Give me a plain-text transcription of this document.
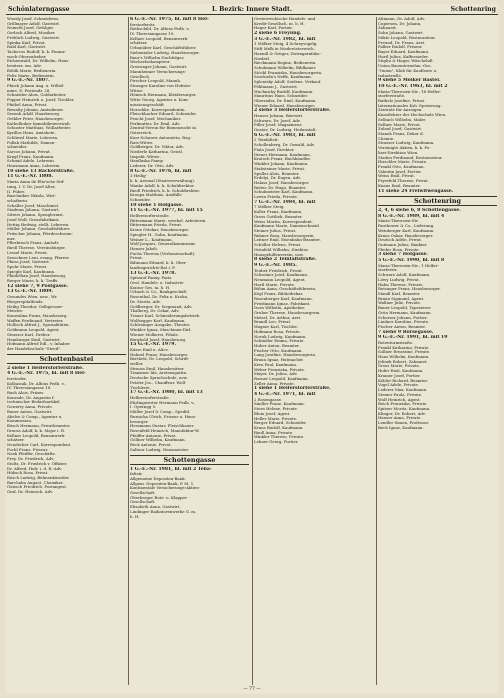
Schönlaterngasse	I. Bezirk: Innere Stadt.	Schottenring
Woesly Josef, Schneiderm.
Grillmayer Adolf, Gastwirt.
Nemeth Josef, Gefolger.
Gerlach Alfred, Musiker.
Fröhlich Ludwig, Gastwirt.
Spinka Karl, Privat.
Rabl Karl, Gastwirt.
Tachecos Rudolf, k. k. Finanz-
wach-Oberaufseher.
Eichenwald, Dr. Wilhelm, Haus-
besitzer, em. Adv.
Böhlk Marie, Bedienerin.
Feltz Marie, Bedienerin.
9 G.-E.-Nr. 1807.
Pfaich Johann Ang. u. Wilhel-
mine, D. Pratendr. 28.
Schneider Alois, Goldarbeiter.
Popper Heinrich u. Josef, Tischler.
Pfaibel Anna, Privat.
Bewalty Johann, Amtsdiener.
Sesenh Adolf, Hausbesorg.
Orthler Peter, Hausbesorger.
Kathelhuber Immobilienverwalt.
Schuster Matthias, Wollarbeiter.
Kyrillos Hans, Amtsbote.
Schliessl Marie, Lehrerin.
Pollak Mathilde, Damen-
schneider.
Sarcos Johann, Privat.
Kragl Franz, Kaufmann.
Schmid Adele, Lehrerin.
Hausmann Anna, Lehrerin.
10 siehe 13 Bäckerstraße.
11 G.-E.-Nr. 1808.
Maria Anna de Eltz'sche Stif-
tung, I. V. Dr. Josef Alter,
II. Führe.
Baschnikov Nikola, Wirt-
schafterin.
Schaller Josef, Maschinist.
Stadems Johann, Gastwirt.
Sitters Johann, Spenglermst.
Josef Wolf, Grossfabrikant.
Hettig Hedwig, stellt. Lehrerin.
Müller Johann, Geschäftsführer.
Pritscher Johann, Pferdeschwem-
mer.
Pflezbrisch Franz, Amtsdr.
Riedl Therese, Vereinsbürger.
Lessel Marie, Privat.
Seuschner Leni, evang. Pfarrer.
Pfaiss Josef, Gastwirt.
Spohr Marie, Privat.
Spiegle Karl, Kaufmann.
Pfaidelhan Josef, Hausbesorg.
Berger Marie, k. k. Treffs.
12 siehe 7, 9 Postgasse.
13 G.-E.-Nr. 1809.
Gesundes Wien, usw., Wr.
Bürgerspitalfonds.
Heilig Theodor, Gelbgiesser-
Meister.
Konwalina Franz, Hausbesorg.
Waffen Ferdinand, Vertreter.
Hollisch Alfred J., Spezialitäten.
Goldmann Leopold, Agent.
Strasser Karl, Dreher.
Hamburger Emil, Gastwirt.
Hofmann Alfred Edl., v. Inhaber
der Handelsschule "Steed".
Schottenbastei
2 siehe 1 Helferstorferstraße.
4 G.-E.-Nr. 1975, hl. mit 8 Hel-
ferstorfer.
Kolbasnik, Dr. Alfons Fedh. v.,
IV. Theresiangasse 18.
Bush Alois, Präses.
Konrade, Dr. Augustin f.
technischer Bedarfsartikel.
Gowerty Anna, Private.
Bauer Anton, Gastwirt.
Abelse & Comp., Agentur u.
Kommission.
Bösch Hermann, Privatbeamter.
Drauss Adolf, k. k. Major i. R.
Kellner Leopold, Benzinwerk-
schätzer.
Neudecker Carl, Korrespondent.
Pochl Franz, Friseur.
Nash Pfeiffer, Geschäfte.
Frey, Dr. Friedrich, Adv.
Stoltz, Dr. Friedrich v. Offizier.
Dr. Alfred, Hofr. i. d. R.-Adv.
Hübsch Rosa, Privat.
Rösch Ludwig, Bühnenkünstler.
Barchalm August, Chemiker.
Görisch Friedrich, Postangest.
Graf, Dr. Heinrich, Adv.
6 G.-E.-Nr. 1975, hl. mit 8 Hel-
ferstorferstr.
Rothschild, Dr. Alfons Fedh. v.,
IV. Theresiangasse 19.
Kellner Leopold, Benzinwerk-
schätzer.
Urbanüber Karl, Geschäftsführer.
Siebentaler Ludwig, Hausbesorger.
Baur's Wilhelm Nachfolger,
Wechselsekompteur.
Grossinger Johann, Gastwirt.
Mannheimer Versicherungs-
Gesellsch.
Pirscher Leopold, Mannh.
Stranger Karoline von Hofrats-
Witwe.
Hönisch Hermann, Kleidersorger.
Witte Georg, Agentur u. Kom-
missionsgeschäft.
Horschke, Korrespondentin.
Fleischhacker Eduard, Schneider.
Feucht Josef, Mechaniker.
Perlmutter, Dr. Emil, Adv.
Zentral-Verein für Bienenzucht in
Österreich.
Kurz-Schawer Antonietta, Reg.-
Rats-Witwe.
Goldberger, Dr. Viktor, Adv.
Niederle Katharina, Geistl.
Inspekt.-Witwe.
Hauflaska Fanny.
Lederer, Dr. Otto, Adv.
8 G.-E.-Nr. 1976, hl. mit
3 Heilig-
k. k. Arsenal (Staatsverwaltung).
Wanke Adolf, k. k. Schuldirektor.
Riedl Friedrich, k. k. Schuldirektor.
Kroupa Matthias, Ausfülls-
Schneider.
10 siehe 1 Hofgasse.
11 G.-E.-Nr. 1977, hl. mit 15
Helferstorferstraße.
Rittermann Marie, verehel. Arbeiterin.
Rittermann Frieda, Privat.
Krone Ottokar, Hausbesorger.
Spiegler H., Sohn, Kaufmann.
Weiner L., Kaufmann.
Wolf Jacques, Generalkommissär.
Hauser Jakob.
Fuchs Theresa (Verlassenschaft),
Privat.
Biltmann Eduard, k. k. Ober-
landesgerichts-Rat i. P.
13 G.-E.-Nr. 1978.
Spitzauf Fanny, Paris.
Oesl. Handels- u. Industrie-
Kontor Ges. m. b. H.
Urbach & Co., Bankgeschäft.
Rosenthal, Dr. Felix u. Krohn,
Dr. Moritz, Adv.
Goldberger, Dr. Siegmund, Adv.
Thalberg, Dr. Oskar, Adv.
Trauer Karl, Schneiderungsbetrieb.
Wolfsegger Karl, Kaufmann.
Schlesinger Ausgabe, Theater.
Winkler Ignaz, Maschinen-Dirl.
Wiener Molkerei, Filiale.
Berghold Josef, Hausbesorg.
15 G.-E.-Nr. 1979.
Kässe Emil u. Alice.
Hahnel Franz, Hausbesorger.
Berthelz, Dr. Leopold, Schrift-
steller.
Strauss Emil, Hausbesitzer.
Transmer Ida, Arztensgattin.
Deutsche Sprachschule, usw.
Petzler Jos., Chauffeur. Woll-
Tischlerei.
17 G.-E.-Nr. 1980, hl. mit 13
Helferstorferstraße.
Ehrlingwerter Hermann Fedh. v.,
I. Operngg 5.
Müller Josef & Comp., Speditl.
Reznicka Ulrich, Friseur u. Haus-
besorger.
Hessmann Gustav, Fleischhauer.
Rosenfeld Heinrich, Manufaktur-W.
Pfeiffer Antonie, Privat.
Göllner Wilhelm, Kaufmann.
Beck Antonie, Privat.
Sultner Ludwig, Hausmeister.
Schottengasse
1 G.-E.-Nr. 1981, hl. mit 2 Teba-
faltstr.
Allgemeine Depositen-Bank.
Allgem. Depositen-Bank, P. M. 1.
Kontinentale Versicherungs-Aktien-
Gesellschaft.
Oberberger Rote- u. Klapper-
Gesellschaft.
Elisabeth Anna, Gastwirt.
Lindinger Radiatorenwerke G. m.
b. H.
Oesterreichische Handels- und
Kredit-Gesellsch. m. b. H.
Hager Karl, Portier.
2 siehe 6 Freyung.
3 G.-E.-Nr. 1982, hl. mit
1 Mölker Steig, 4 Schreyvogelg.
Stift Melk in Niederösterreich.
Haendl & Grüger, Zwirngarnfabr.-
Niederl.
Rieckmann Regine, Bedienerin.
Schulmann Wilhelm, Bildhauer.
Stöckl Franziska, Hausbesorgerin.
Seodsoda's Neffe, Kaufmann.
Splenisky Adolf, Seidenz. Verkauf.
Pöhlmann J., Gastwirt.
Wuchnicky Rudolf, Kaufmann.
Mauritius Hans, Schneider.
Oberrader, Dr. Emil, Kaufmann.
Wiener Eduard, Hausbesorger.
2 siehe 3 Helferstorferstraße.
Hauser Johann, Bierwirt.
Schwarz, Dr. Josef, Adv.
Piller Josef, Magazineur.
Gustav, Dr. Ludwig, Heilanstalt.
6 G.-E.-Nr. 1983, hl. mit
2 Teinfaltstr.
Schollenberg, Dr. Oswald, Adv.
Fiala Josef, Direktor.
Diener Hermann, Kaufmann.
Kratoch Franz, Buchhändler.
Winkler Johann, Kaufmann.
Stabsteiner Marie, Privat.
Spuller Alois, Beamter.
Erdelyi, Dr. Eugen, Adv.
Halasz Josef, Hausbesorger.
Reiter, Dr. Hugo, Beamter.
Schulmeister Karl, Kaufmann.
Lewin Frieda, Private.
7 G.-E.-Nr. 1984, hl. mit
7 Mölker Steig.
Koller Franz, Kaufmann.
Gross Gottlieb, Beamter.
Weiss Martin, Korrespondent.
Kaufmann Marie, Damenschneid.
Steiner Julius, Privat.
Rubner Rosa, Hausbesorgerin.
Leitner Emil, Eisenbahn-Beamter.
Schüller Helene, Privat.
Grünfeld Wilhelm, Direktor.
Hausgehilfenverein, usw.
8 siehe 2 Teinfaltstraße.
9 G.-E.-Nr. 1985.
Teuber Friedrich, Privat.
Schreiner Josef, Kaufmann.
Neumann Leopold, Agent.
Hartl Marie, Private.
Böhm Anna, Geschäftsführerin.
Kögl Franz, Bibliothekar.
Rosenberger Karl, Kaufmann.
Friedmann Ignaz, Fabrikant.
Dorn Wilhelm, Apotheker.
Gruber Therese, Hausbesorgerin.
Meisel, Dr. Arthur, Arzt.
Brandl Leo, Privat.
Wagner Karl, Tischler.
Hofmann Rosa, Private.
Novak Ludwig, Kaufmann.
Schindler Emma, Private.
Huber Anton, Beamter.
Fischer Otto, Kaufmann.
Lang Josefine, Hausbesorgerin.
Braun Ignaz, Hutmacher.
Kern Paul, Kaufmann.
Weber Franziska, Private.
Mayer, Dr. Julius, Adv.
Rosner Leopold, Kaufmann.
Zeller Anna, Private.
1 siehe 1 Helferstorferstraße.
4 G.-E.-Nr. 1971, hl. mit
2 Rosengasse.
Sindler Franz, Kaufmann.
Stern Helene, Private.
Blum Josef, Agent.
Heller Marie, Private.
Berger Eduard, Schneider.
Kraus Rudolf, Kaufmann.
Riedl Anna, Private.
Winkler Therese, Private.
Lehner Georg, Portier.
Altmann, Dr. Adolf, Adv.
Cupersen, Dr. Johann,
Zahnarzt.
Sohn Johann, Gastwirt.
Mikto Leopold, Restaurateur.
Freund, Dr. Franz, Arzt.
Pallier Rudolf, Friseur.
Bayer Eduard, Kaufmann.
Hartl Julius, Kaffeesieder.
Stigliu & Hager, Wäschehdl.
Union Bauunternehm.-Ges.
"Onion", Klub für Kaufleute u.
Industrielle.
9 siehe 5 Mölker Bastei.
10 G.-E.-Nr. 1963, hl. mit 2
Maria-Theresien-Str., 18 Helfer-
storferstraße.
Rathelz Josefine, Privat.
Internationales Ksh.-Speisewag.
Zentrale für Anzeigen.
Kunstlehrer der Hochschule Wien.
Selbach Wilhelm, Maler.
Sellner Marie, Privat.
Zulauf Josef, Gastwirt.
Stanek Franz, Dekor d.
Chemie.
Strasser Ludwig, Kaufmann.
Vereinigte Aktien, k. k. Po-
lizei-Direktion Wien.
Staden Ferdinand, Restaurateur.
Hirschler Marie, Private.
Frankl Otto, Kaufmann.
Valentin Josef, Portier.
Weiss Emil, Privat.
Pryerfeld Therese, Privat.
Knaus Emil, Beamter.
11 siehe 24 Freiwitwengasse.
Schottenring
2, 4, 6 siehe 6, 8 Schottengasse.
8 G.-E.-Nr. 1989, hl. mit 4
Maria-Theresien-Str.
Rostkower & Co., Lieferung.
Weinberger Karl, Kaufmann.
Kraus Oskar, Hausbesorger.
Deutsch Adele, Privat.
Gutmann Julius, Bankier.
Pfeifer Rosa, Private.
3 siehe 7 Hofgasse.
5 G.-E.-Nr. 1990, hl. mit 8
Maria-Theresien-Str., 1 Helfer-
storferstr.
Schwarz Adolf, Kaufmann.
Löwy Ludwig, Privat.
Hahn Therese, Private.
Reisinger Franz, Hausbesorger.
Mandl Karl, Beamter.
Braun Sigmund, Agent.
Wallner Julie, Private.
Bauer Leopold, Tapezierer.
Grün Hermann, Kaufmann.
Scherzer Johann, Portier.
Lindner Karoline, Private.
Fischer Anton, Beamter.
7 siehe 9 Börsegasse.
9 G.-E.-Nr. 1991, hl. mit 19
Rotenturmstraße.
Frankl Katharina, Private.
Sollner Ernestine, Private.
Haas Wilhelm, Kaufmann.
Jelinek Robert, Zahnarzt.
Gross Marie, Private.
Hofer Emil, Kaufmann.
Kramer Josef, Portier.
Köhler Richard, Beamter.
Vogel Adele, Private.
Lederer Max, Kaufmann.
Steiner Paula, Private.
Wolf Heinrich, Agent.
Reich Franziska, Private.
Spitzer Moritz, Kaufmann.
Klinger, Dr. Robert, Adv.
Hauser Anna, Private.
Lendler Simon, Professor.
Beck Ignaz, Kaufmann.
— 77 —
